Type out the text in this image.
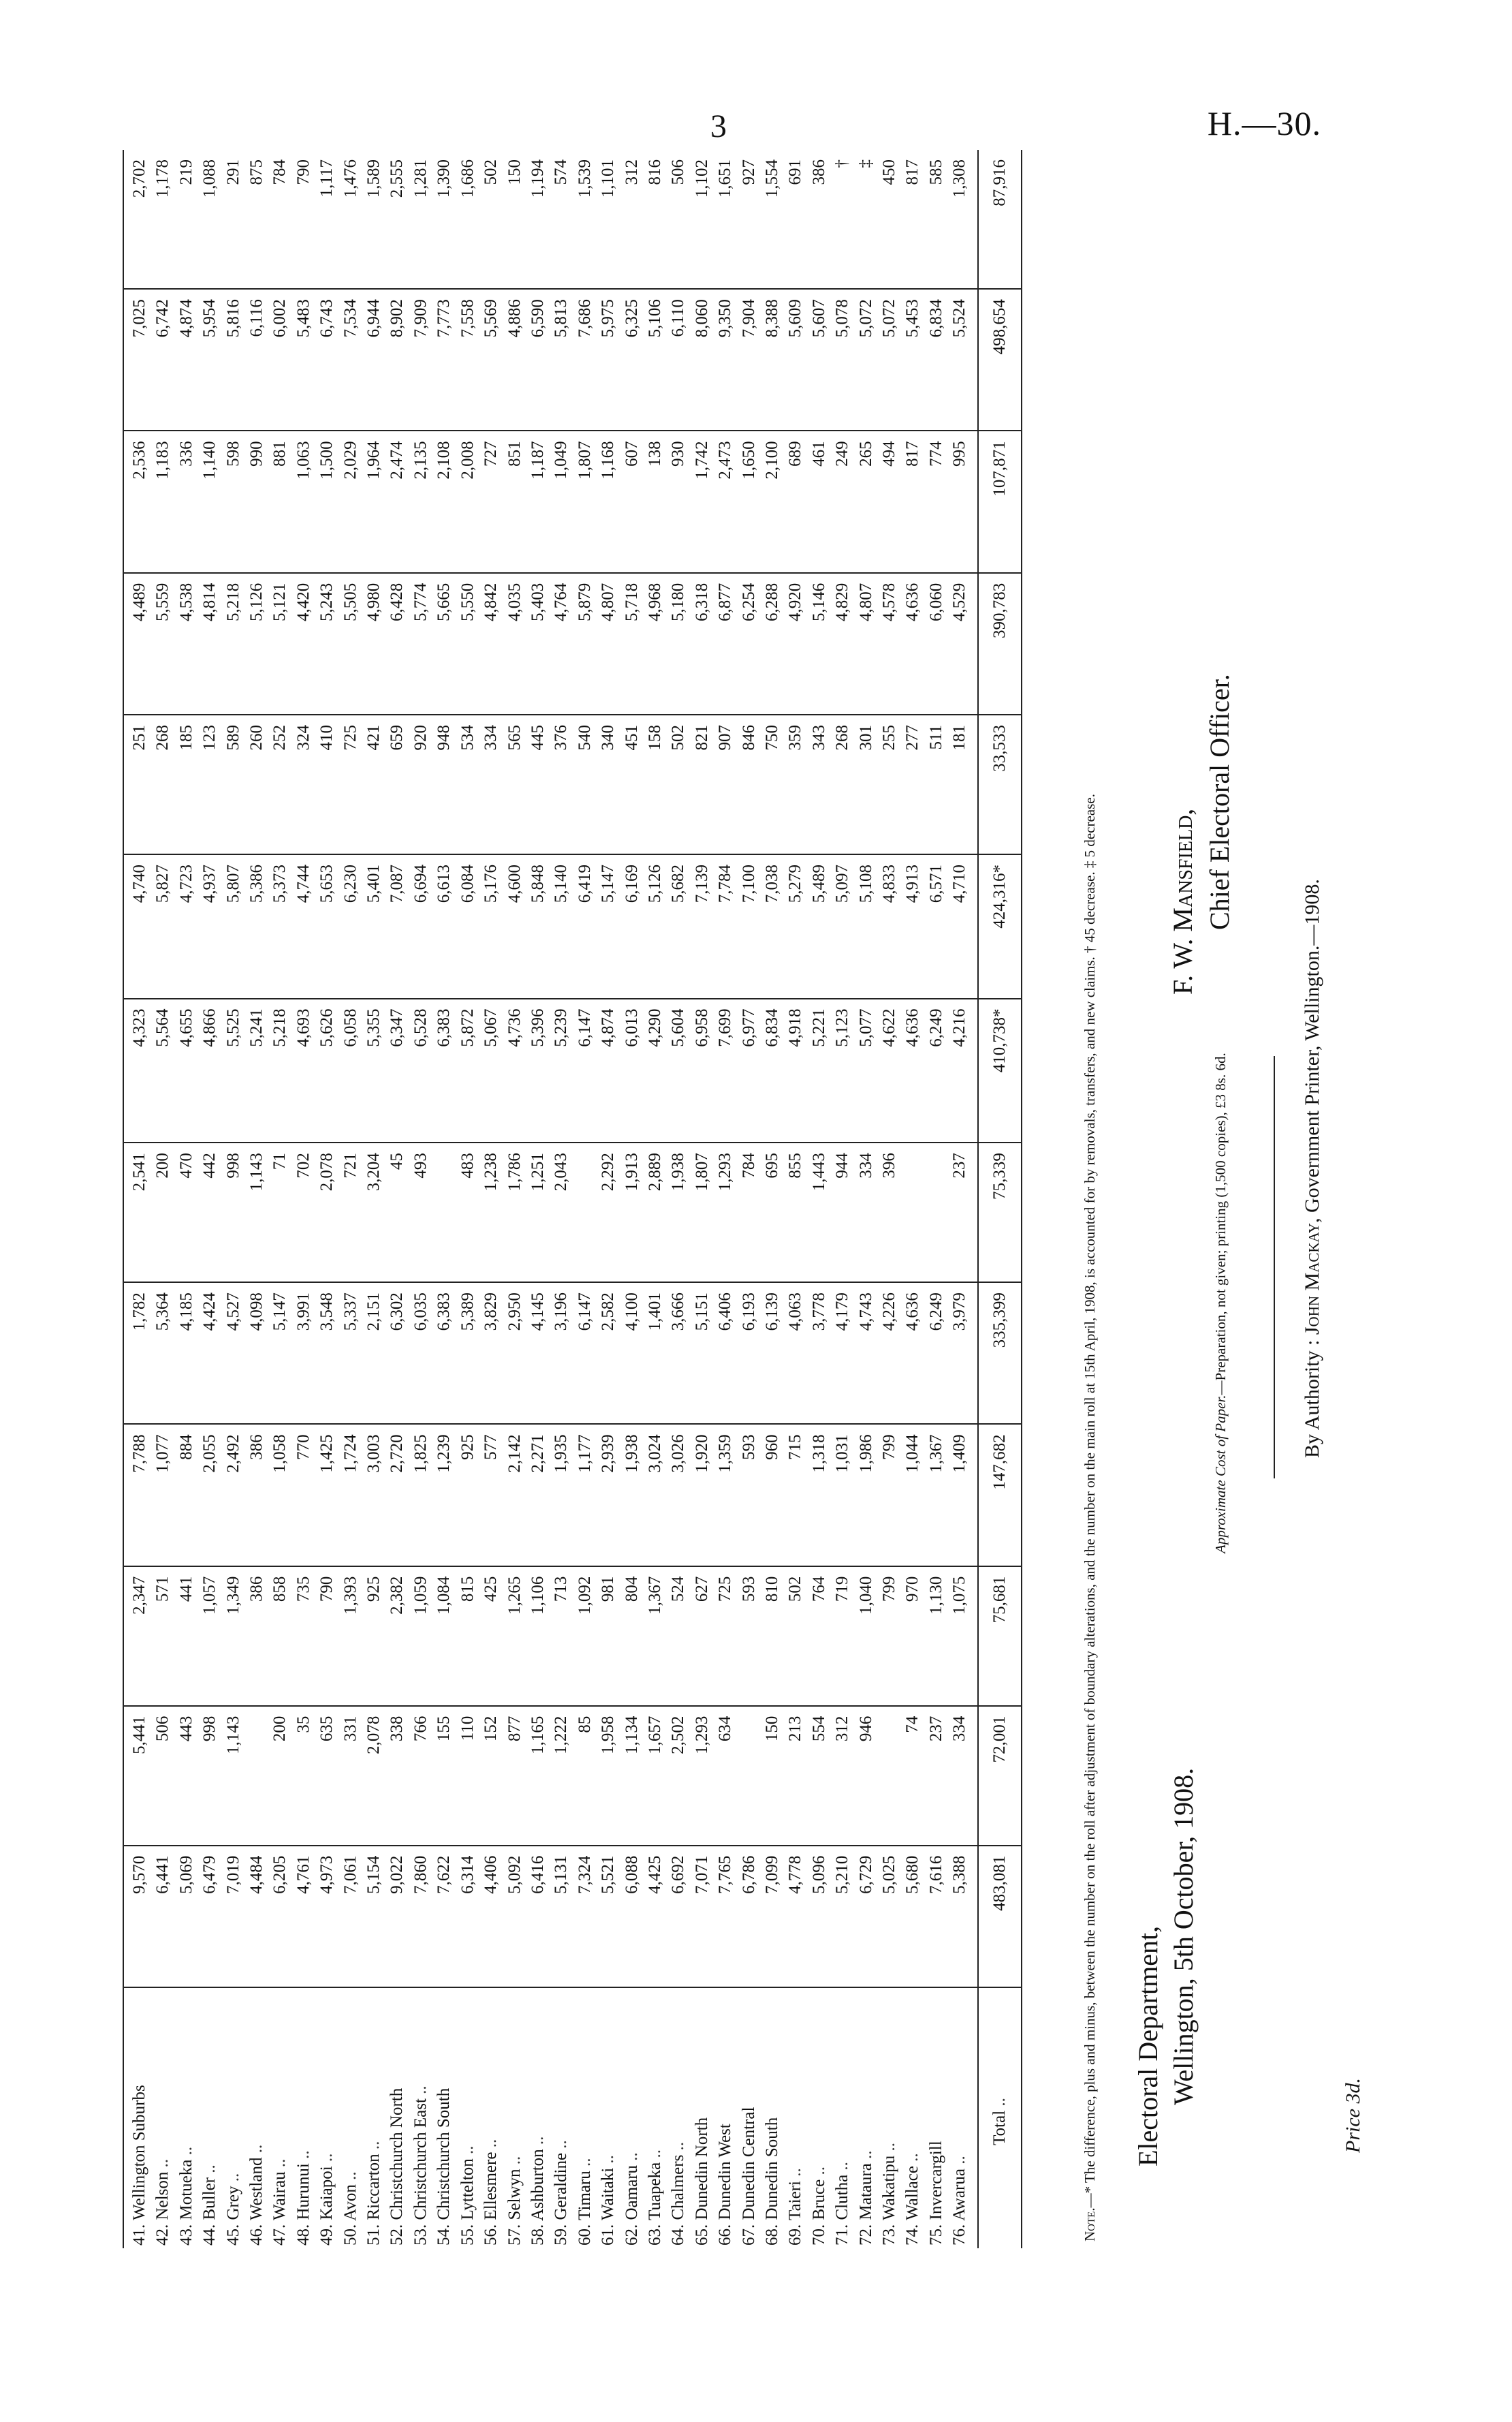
3	H.—30.
41. Wellington Suburbs	9,570	5,441	2,347	7,788	1,782	2,541	4,323	4,740	251	4,489	2,536	7,025	2,702
42. Nelson ..	6,441	506	571	1,077	5,364	200	5,564	5,827	268	5,559	1,183	6,742	1,178
43. Motueka ..	5,069	443	441	884	4,185	470	4,655	4,723	185	4,538	336	4,874	219
44. Buller ..	6,479	998	1,057	2,055	4,424	442	4,866	4,937	123	4,814	1,140	5,954	1,088
45. Grey ..	7,019	1,143	1,349	2,492	4,527	998	5,525	5,807	589	5,218	598	5,816	291
46. Westland ..	4,484		386	386	4,098	1,143	5,241	5,386	260	5,126	990	6,116	875
47. Wairau ..	6,205	200	858	1,058	5,147	71	5,218	5,373	252	5,121	881	6,002	784
48. Hurunui ..	4,761	35	735	770	3,991	702	4,693	4,744	324	4,420	1,063	5,483	790
49. Kaiapoi ..	4,973	635	790	1,425	3,548	2,078	5,626	5,653	410	5,243	1,500	6,743	1,117
50. Avon ..	7,061	331	1,393	1,724	5,337	721	6,058	6,230	725	5,505	2,029	7,534	1,476
51. Riccarton ..	5,154	2,078	925	3,003	2,151	3,204	5,355	5,401	421	4,980	1,964	6,944	1,589
52. Christchurch North	9,022	338	2,382	2,720	6,302	45	6,347	7,087	659	6,428	2,474	8,902	2,555
53. Christchurch East ..	7,860	766	1,059	1,825	6,035	493	6,528	6,694	920	5,774	2,135	7,909	1,281
54. Christchurch South	7,622	155	1,084	1,239	6,383		6,383	6,613	948	5,665	2,108	7,773	1,390
55. Lyttelton ..	6,314	110	815	925	5,389	483	5,872	6,084	534	5,550	2,008	7,558	1,686
56. Ellesmere ..	4,406	152	425	577	3,829	1,238	5,067	5,176	334	4,842	727	5,569	502
57. Selwyn ..	5,092	877	1,265	2,142	2,950	1,786	4,736	4,600	565	4,035	851	4,886	150
58. Ashburton ..	6,416	1,165	1,106	2,271	4,145	1,251	5,396	5,848	445	5,403	1,187	6,590	1,194
59. Geraldine ..	5,131	1,222	713	1,935	3,196	2,043	5,239	5,140	376	4,764	1,049	5,813	574
60. Timaru ..	7,324	85	1,092	1,177	6,147		6,147	6,419	540	5,879	1,807	7,686	1,539
61. Waitaki ..	5,521	1,958	981	2,939	2,582	2,292	4,874	5,147	340	4,807	1,168	5,975	1,101
62. Oamaru ..	6,088	1,134	804	1,938	4,100	1,913	6,013	6,169	451	5,718	607	6,325	312
63. Tuapeka ..	4,425	1,657	1,367	3,024	1,401	2,889	4,290	5,126	158	4,968	138	5,106	816
64. Chalmers ..	6,692	2,502	524	3,026	3,666	1,938	5,604	5,682	502	5,180	930	6,110	506
65. Dunedin North	7,071	1,293	627	1,920	5,151	1,807	6,958	7,139	821	6,318	1,742	8,060	1,102
66. Dunedin West	7,765	634	725	1,359	6,406	1,293	7,699	7,784	907	6,877	2,473	9,350	1,651
67. Dunedin Central	6,786		593	593	6,193	784	6,977	7,100	846	6,254	1,650	7,904	927
68. Dunedin South	7,099	150	810	960	6,139	695	6,834	7,038	750	6,288	2,100	8,388	1,554
69. Taieri ..	4,778	213	502	715	4,063	855	4,918	5,279	359	4,920	689	5,609	691
70. Bruce ..	5,096	554	764	1,318	3,778	1,443	5,221	5,489	343	5,146	461	5,607	386
71. Clutha ..	5,210	312	719	1,031	4,179	944	5,123	5,097	268	4,829	249	5,078	†
72. Mataura ..	6,729	946	1,040	1,986	4,743	334	5,077	5,108	301	4,807	265	5,072	‡
73. Wakatipu ..	5,025		799	799	4,226	396	4,622	4,833	255	4,578	494	5,072	450
74. Wallace ..	5,680	74	970	1,044	4,636		4,636	4,913	277	4,636	817	5,453	817
75. Invercargill	7,616	237	1,130	1,367	6,249		6,249	6,571	511	6,060	774	6,834	585
76. Awarua ..	5,388	334	1,075	1,409	3,979	237	4,216	4,710	181	4,529	995	5,524	1,308
Total ..	483,081	72,001	75,681	147,682	335,399	75,339	410,738*	424,316*	33,533	390,783	107,871	498,654	87,916
Note.—* The difference, plus and minus, between the number on the roll after adjustment of boundary alterations, and the number on the main roll at 15th April, 1908, is accounted for by removals, transfers, and new claims. † 45 decrease. ‡ 5 decrease. Electoral Department, Wellington, 5th October, 1908.
F. W. Mansfield, Chief Electoral Officer.
Approximate Cost of Paper.—Preparation, not given; printing (1,500 copies), £3 8s. 6d.
By Authority : John Mackay, Government Printer, Wellington.—1908.
Price 3d.
